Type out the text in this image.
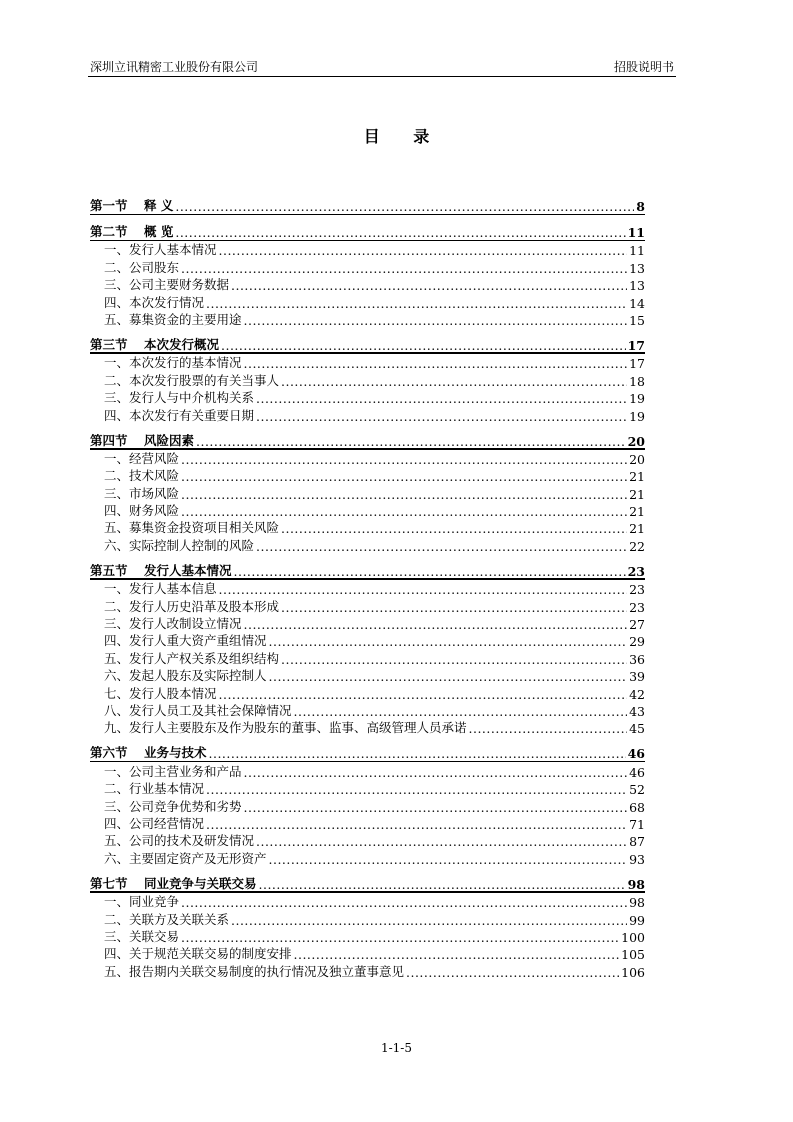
深圳立讯精密工业股份有限公司	招股说明书
目 录
第一节 释 义 .....	8
第二节 概 览 .....	11
一、发行人基本情况 .....	11
二、公司股东 .....	13
三、公司主要财务数据 .....	13
四、本次发行情况 .....	14
五、募集资金的主要用途 .....	15
第三节 本次发行概况 .....	17
一、本次发行的基本情况 .....	17
二、本次发行股票的有关当事人 .....	18
三、发行人与中介机构关系 .....	19
四、本次发行有关重要日期 .....	19
第四节 风险因素 .....	20
一、经营风险 .....	20
二、技术风险 .....	21
三、市场风险 .....	21
四、财务风险 .....	21
五、募集资金投资项目相关风险 .....	21
六、实际控制人控制的风险 .....	22
第五节 发行人基本情况 .....	23
一、发行人基本信息 .....	23
二、发行人历史沿革及股本形成 .....	23
三、发行人改制设立情况 .....	27
四、发行人重大资产重组情况 .....	29
五、发行人产权关系及组织结构 .....	36
六、发起人股东及实际控制人 .....	39
七、发行人股本情况 .....	42
八、发行人员工及其社会保障情况 .....	43
九、发行人主要股东及作为股东的董事、监事、高级管理人员承诺 .....	45
第六节 业务与技术 .....	46
一、公司主营业务和产品 .....	46
二、行业基本情况 .....	52
三、公司竞争优势和劣势 .....	68
四、公司经营情况 .....	71
五、公司的技术及研发情况 .....	87
六、主要固定资产及无形资产 .....	93
第七节 同业竞争与关联交易 .....	98
一、同业竞争 .....	98
二、关联方及关联关系 .....	99
三、关联交易 .....	100
四、关于规范关联交易的制度安排 .....	105
五、报告期内关联交易制度的执行情况及独立董事意见 .....	106
1-1-5
